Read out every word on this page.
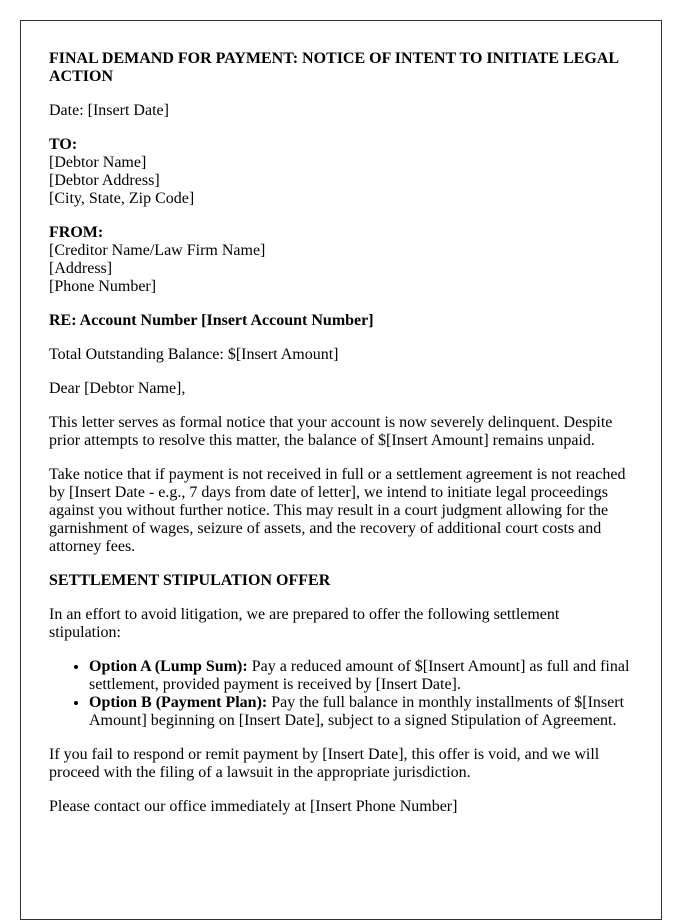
FINAL DEMAND FOR PAYMENT: NOTICE OF INTENT TO INITIATE LEGAL ACTION

Date: [Insert Date]

TO:
[Debtor Name]
[Debtor Address]
[City, State, Zip Code]
FROM:
[Creditor Name/Law Firm Name]
[Address]
[Phone Number]

RE: Account Number [Insert Account Number]

Total Outstanding Balance: $[Insert Amount]

Dear [Debtor Name],

This letter serves as formal notice that your account is now severely delinquent. Despite prior attempts to resolve this matter, the balance of $[Insert Amount] remains unpaid.

Take notice that if payment is not received in full or a settlement agreement is not reached by [Insert Date - e.g., 7 days from date of letter], we intend to initiate legal proceedings against you without further notice. This may result in a court judgment allowing for the garnishment of wages, seizure of assets, and the recovery of additional court costs and attorney fees.

SETTLEMENT STIPULATION OFFER

In an effort to avoid litigation, we are prepared to offer the following settlement stipulation:

• Option A (Lump Sum): Pay a reduced amount of $[Insert Amount] as full and final settlement, provided payment is received by [Insert Date].
• Option B (Payment Plan): Pay the full balance in monthly installments of $[Insert Amount] beginning on [Insert Date], subject to a signed Stipulation of Agreement.

If you fail to respond or remit payment by [Insert Date], this offer is void, and we will proceed with the filing of a lawsuit in the appropriate jurisdiction.

Please contact our office immediately at [Insert Phone Number]
